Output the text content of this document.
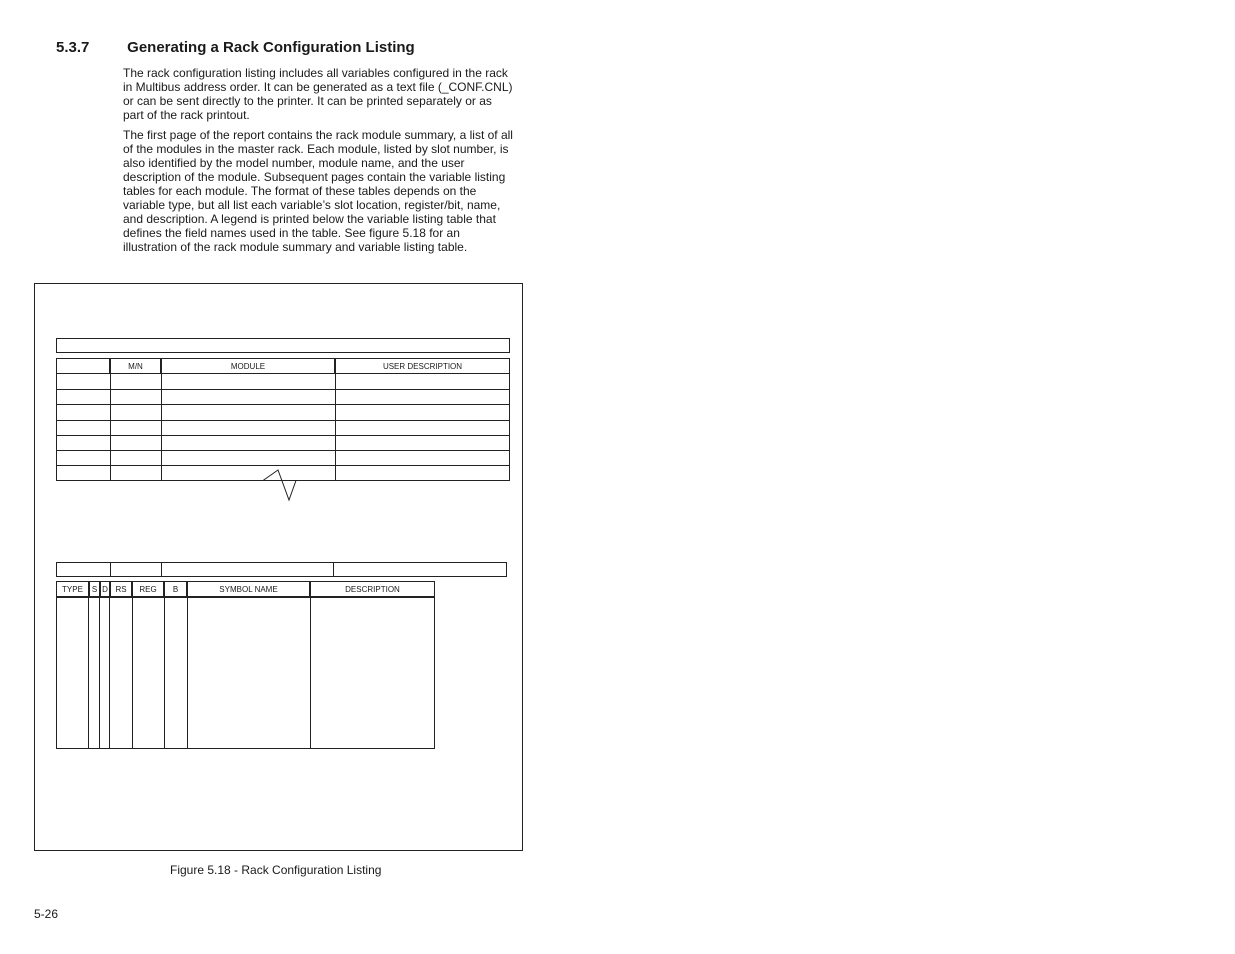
5.3.7	Generating a Rack Configuration Listing

The rack configuration listing includes all variables configured in the rack in Multibus address order. It can be generated as a text file (_CONF.CNL) or can be sent directly to the printer. It can be printed separately or as part of the rack printout.

The first page of the report contains the rack module summary, a list of all of the modules in the master rack. Each module, listed by slot number, is also identified by the model number, module name, and the user description of the module. Subsequent pages contain the variable listing tables for each module. The format of these tables depends on the variable type, but all list each variable’s slot location, register/bit, name, and description. A legend is printed below the variable listing table that defines the field names used in the table. See figure 5.18 for an illustration of the rack module summary and variable listing table.

M/N	MODULE	USER DESCRIPTION
TYPE S D RS REG B	SYMBOL NAME	DESCRIPTION
Figure 5.18 - Rack Configuration Listing
5-26
